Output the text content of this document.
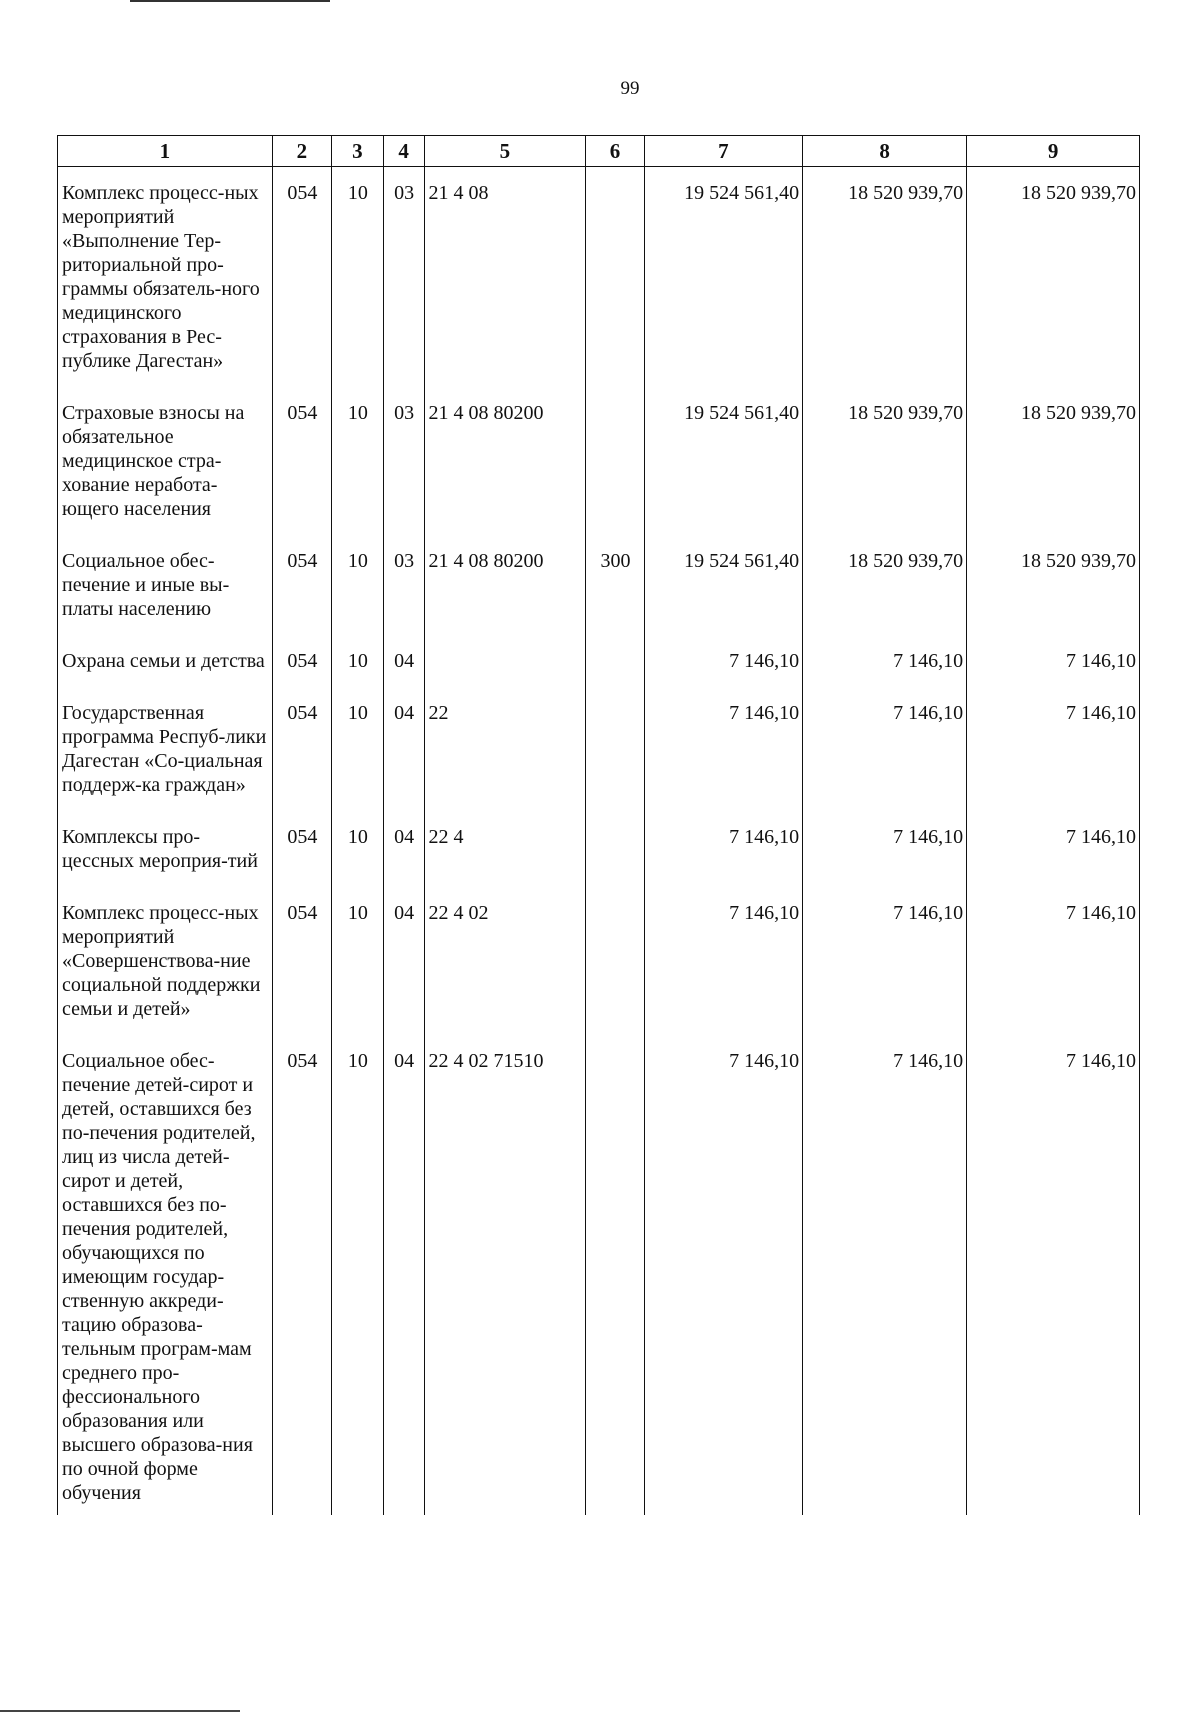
99
1	2	3	4	5	6	7	8	9
Комплекс процесс-ных мероприятий «Выполнение Тер-риториальной про-граммы обязатель-ного медицинского страхования в Рес-публике Дагестан»	054	10	03	21 4 08		19 524 561,40	18 520 939,70	18 520 939,70
Страховые взносы на обязательное медицинское стра-хование неработа-ющего населения	054	10	03	21 4 08 80200		19 524 561,40	18 520 939,70	18 520 939,70
Социальное обес-печение и иные вы-платы населению	054	10	03	21 4 08 80200	300	19 524 561,40	18 520 939,70	18 520 939,70
Охрана семьи и детства	054	10	04			7 146,10	7 146,10	7 146,10
Государственная программа Респуб-лики Дагестан «Со-циальная поддерж-ка граждан»	054	10	04	22		7 146,10	7 146,10	7 146,10
Комплексы про-цессных мероприя-тий	054	10	04	22 4		7 146,10	7 146,10	7 146,10
Комплекс процесс-ных мероприятий «Совершенствова-ние социальной поддержки семьи и детей»	054	10	04	22 4 02		7 146,10	7 146,10	7 146,10
Социальное обес-печение детей-сирот и детей, оставшихся без по-печения родителей, лиц из числа детей-сирот и детей, оставшихся без по-печения родителей, обучающихся по имеющим государ-ственную аккреди-тацию образова-тельным програм-мам среднего про-фессионального образования или высшего образова-ния по очной форме обучения	054	10	04	22 4 02 71510		7 146,10	7 146,10	7 146,10
